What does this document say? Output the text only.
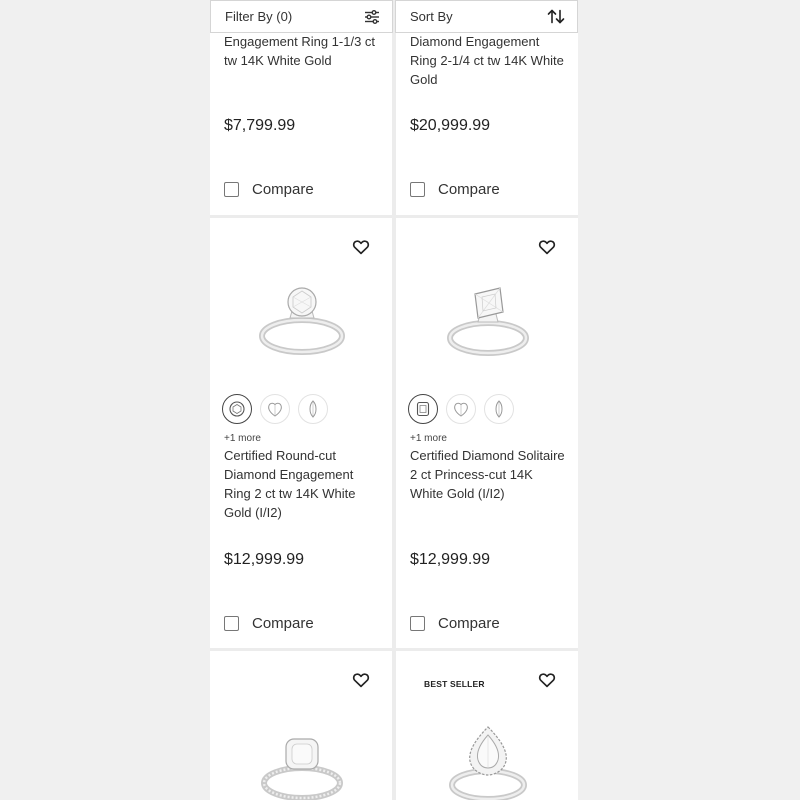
Filter By (0)	Sort By
Engagement Ring 1-1/3 ct tw 14K White Gold
$7,799.99
Compare
Diamond Engagement Ring 2-1/4 ct tw 14K White Gold
$20,999.99
Compare
+1 more
Certified Round-cut Diamond Engagement Ring 2 ct tw 14K White Gold (I/I2)
$12,999.99
Compare
+1 more
Certified Diamond Solitaire 2 ct Princess-cut 14K White Gold (I/I2)
$12,999.99
Compare
BEST SELLER
